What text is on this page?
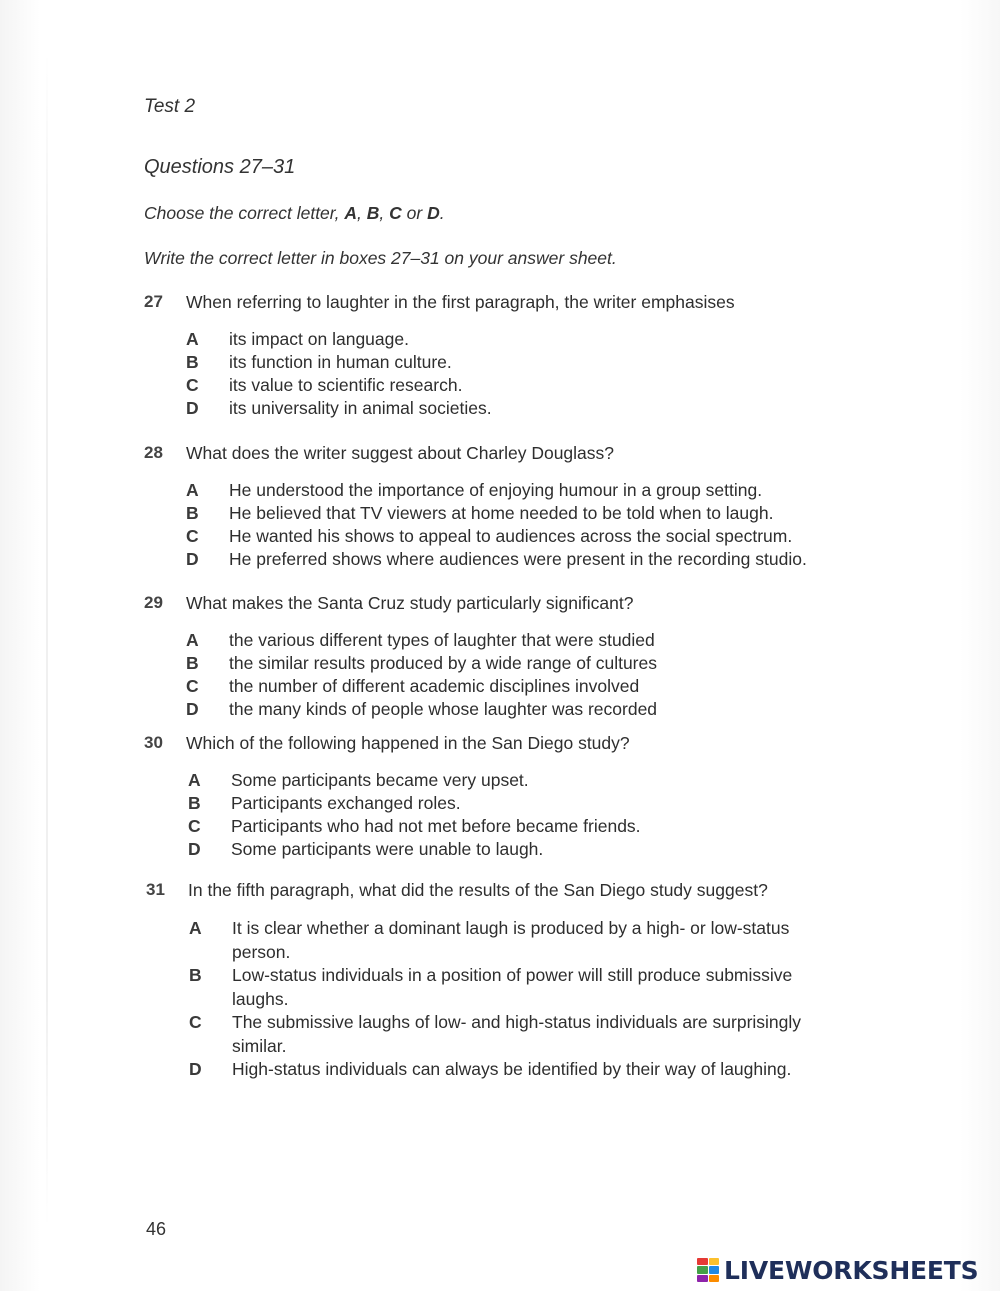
Test 2
Questions 27–31
Choose the correct letter, A, B, C or D.
Write the correct letter in boxes 27–31 on your answer sheet.
27 When referring to laughter in the first paragraph, the writer emphasises
A its impact on language.
B its function in human culture.
C its value to scientific research.
D its universality in animal societies.
28 What does the writer suggest about Charley Douglass?
A He understood the importance of enjoying humour in a group setting.
B He believed that TV viewers at home needed to be told when to laugh.
C He wanted his shows to appeal to audiences across the social spectrum.
D He preferred shows where audiences were present in the recording studio.
29 What makes the Santa Cruz study particularly significant?
A the various different types of laughter that were studied
B the similar results produced by a wide range of cultures
C the number of different academic disciplines involved
D the many kinds of people whose laughter was recorded
30 Which of the following happened in the San Diego study?
A Some participants became very upset.
B Participants exchanged roles.
C Participants who had not met before became friends.
D Some participants were unable to laugh.
31 In the fifth paragraph, what did the results of the San Diego study suggest?
A It is clear whether a dominant laugh is produced by a high- or low-status person.
B Low-status individuals in a position of power will still produce submissive laughs.
C The submissive laughs of low- and high-status individuals are surprisingly similar.
D High-status individuals can always be identified by their way of laughing.
46
LIVEWORKSHEETS
